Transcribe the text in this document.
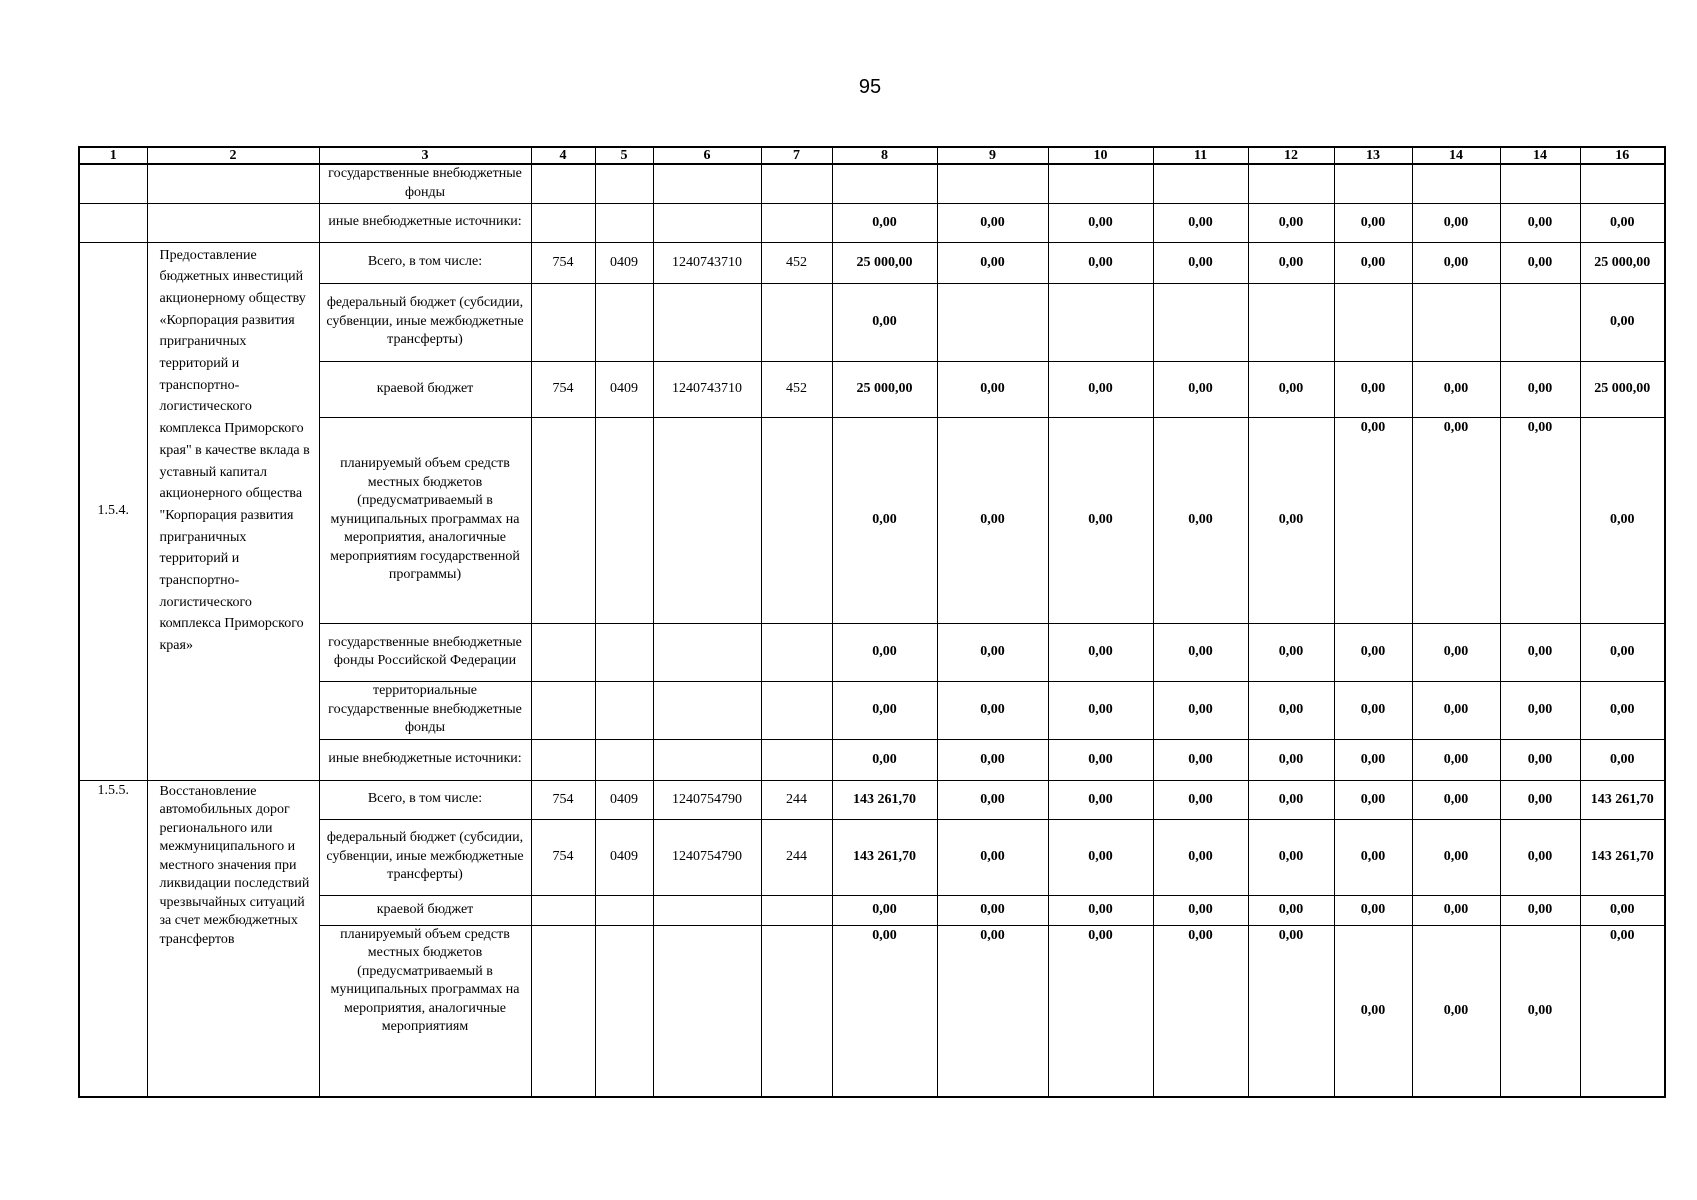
95
1	2	3	4	5	6	7	8	9	10	11	12	13	14	14	16
		государственные внебюджетные фонды													
		иные внебюджетные источники:					0,00	0,00	0,00	0,00	0,00	0,00	0,00	0,00	0,00
1.5.4.	Предоставление бюджетных инвестиций акционерному обществу «Корпорация развития приграничных территорий и транспортно-логистического комплекса Приморского края" в качестве вклада в уставный капитал акционерного общества "Корпорация развития приграничных территорий и транспортно-логистического комплекса Приморского края»	Всего, в том числе:	754	0409	1240743710	452	25 000,00	0,00	0,00	0,00	0,00	0,00	0,00	0,00	25 000,00
		федеральный бюджет (субсидии, субвенции, иные межбюджетные трансферты)					0,00								0,00
		краевой бюджет	754	0409	1240743710	452	25 000,00	0,00	0,00	0,00	0,00	0,00	0,00	0,00	25 000,00
		планируемый объем средств местных бюджетов (предусматриваемый в муниципальных программах на мероприятия, аналогичные мероприятиям государственной программы)					0,00	0,00	0,00	0,00	0,00	0,00	0,00	0,00	0,00
		государственные внебюджетные фонды Российской Федерации					0,00	0,00	0,00	0,00	0,00	0,00	0,00	0,00	0,00
		территориальные государственные внебюджетные фонды					0,00	0,00	0,00	0,00	0,00	0,00	0,00	0,00	0,00
		иные внебюджетные источники:					0,00	0,00	0,00	0,00	0,00	0,00	0,00	0,00	0,00
1.5.5.	Восстановление автомобильных дорог регионального или межмуниципального и местного значения при ликвидации последствий чрезвычайных ситуаций за счет межбюджетных трансфертов	Всего, в том числе:	754	0409	1240754790	244	143 261,70	0,00	0,00	0,00	0,00	0,00	0,00	0,00	143 261,70
		федеральный бюджет (субсидии, субвенции, иные межбюджетные трансферты)	754	0409	1240754790	244	143 261,70	0,00	0,00	0,00	0,00	0,00	0,00	0,00	143 261,70
		краевой бюджет					0,00	0,00	0,00	0,00	0,00	0,00	0,00	0,00	0,00
		планируемый объем средств местных бюджетов (предусматриваемый в муниципальных программах на мероприятия, аналогичные мероприятиям					0,00	0,00	0,00	0,00	0,00	0,00	0,00	0,00	0,00
